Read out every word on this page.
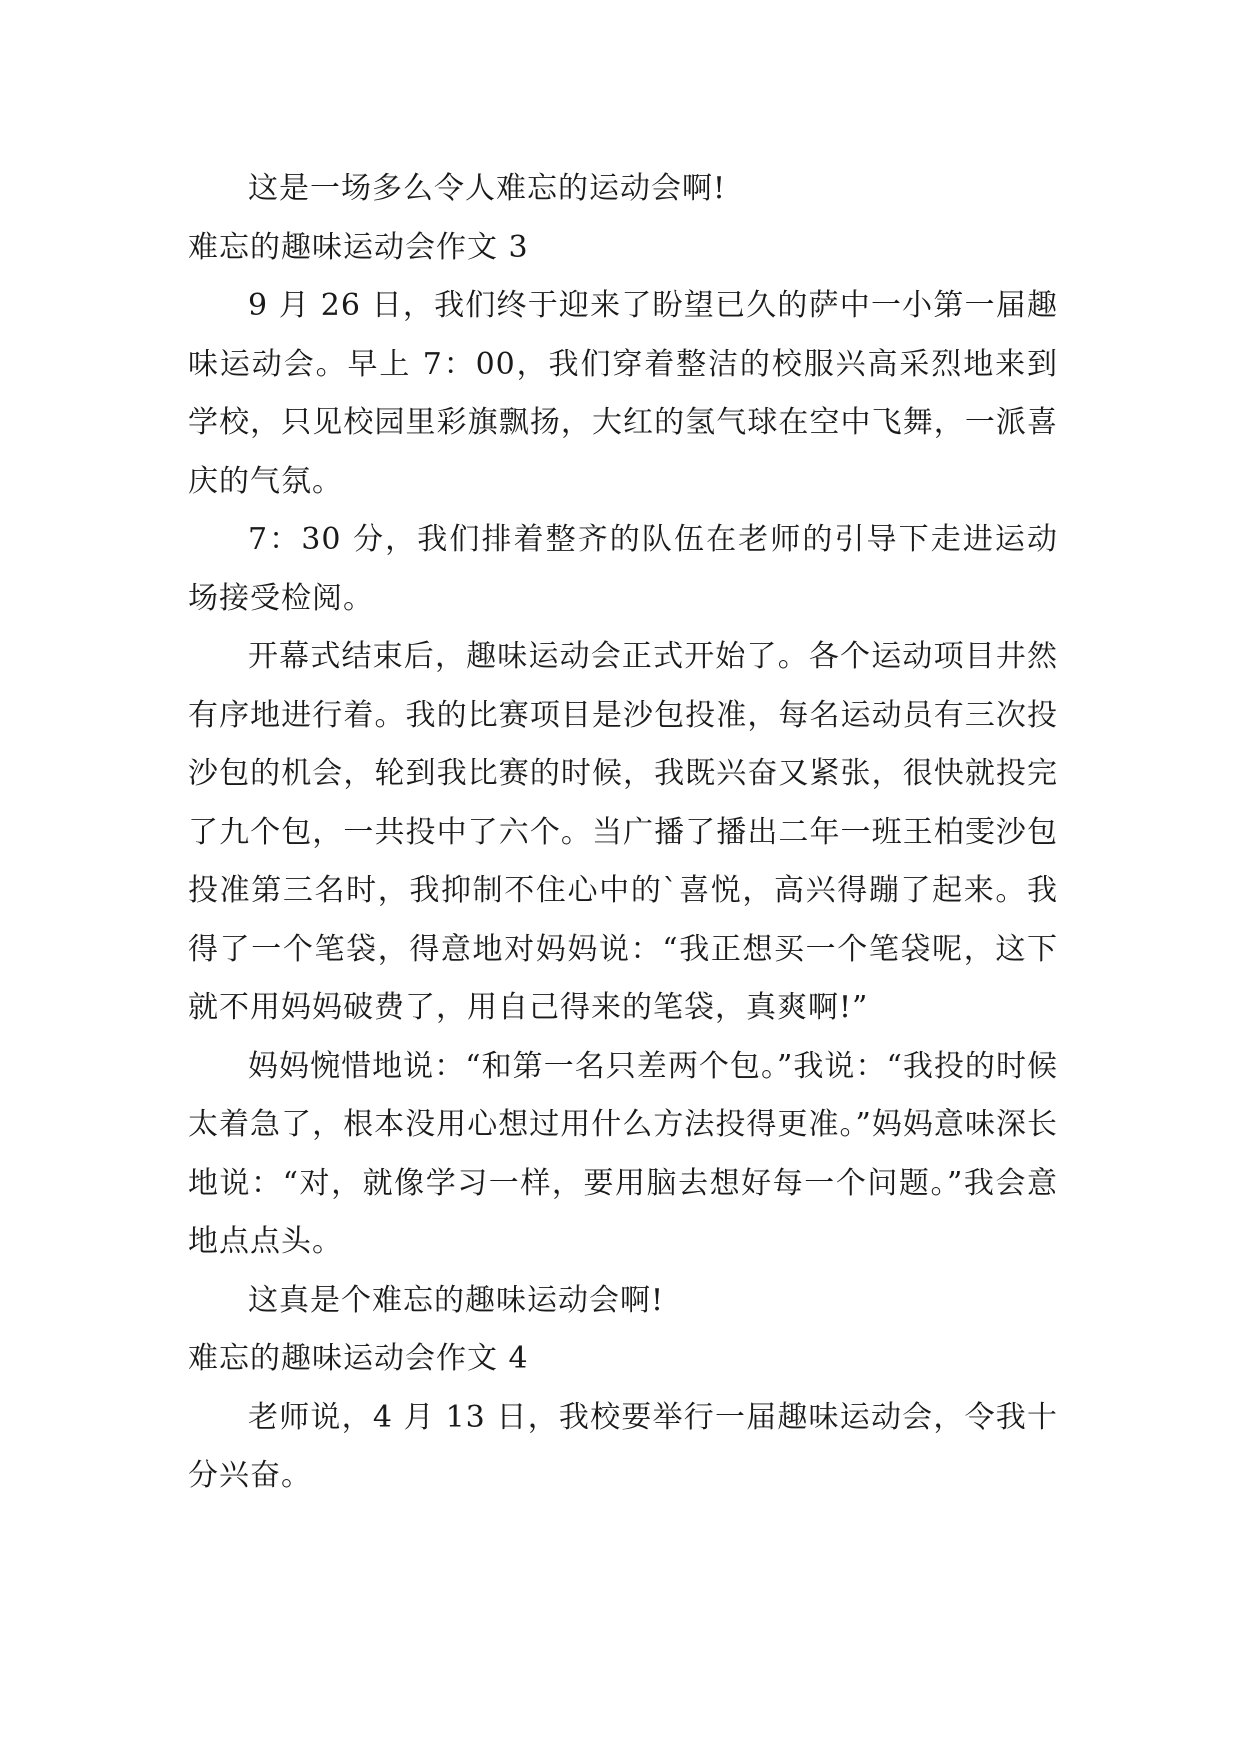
这是一场多么令人难忘的运动会啊!

难忘的趣味运动会作文 3

9 月 26 日，我们终于迎来了盼望已久的萨中一小第一届趣味运动会。早上 7：00，我们穿着整洁的校服兴高采烈地来到学校，只见校园里彩旗飘扬，大红的氢气球在空中飞舞，一派喜庆的气氛。

7：30 分，我们排着整齐的队伍在老师的引导下走进运动场接受检阅。

开幕式结束后，趣味运动会正式开始了。各个运动项目井然有序地进行着。我的比赛项目是沙包投准，每名运动员有三次投沙包的机会，轮到我比赛的时候，我既兴奋又紧张，很快就投完了九个包，一共投中了六个。当广播了播出二年一班王柏雯沙包投准第三名时，我抑制不住心中的`喜悦，高兴得蹦了起来。我得了一个笔袋，得意地对妈妈说：“我正想买一个笔袋呢，这下就不用妈妈破费了，用自己得来的笔袋，真爽啊!”

妈妈惋惜地说：“和第一名只差两个包。”我说：“我投的时候太着急了，根本没用心想过用什么方法投得更准。”妈妈意味深长地说：“对，就像学习一样，要用脑去想好每一个问题。”我会意地点点头。

这真是个难忘的趣味运动会啊!

难忘的趣味运动会作文 4

老师说，4 月 13 日，我校要举行一届趣味运动会，令我十分兴奋。
